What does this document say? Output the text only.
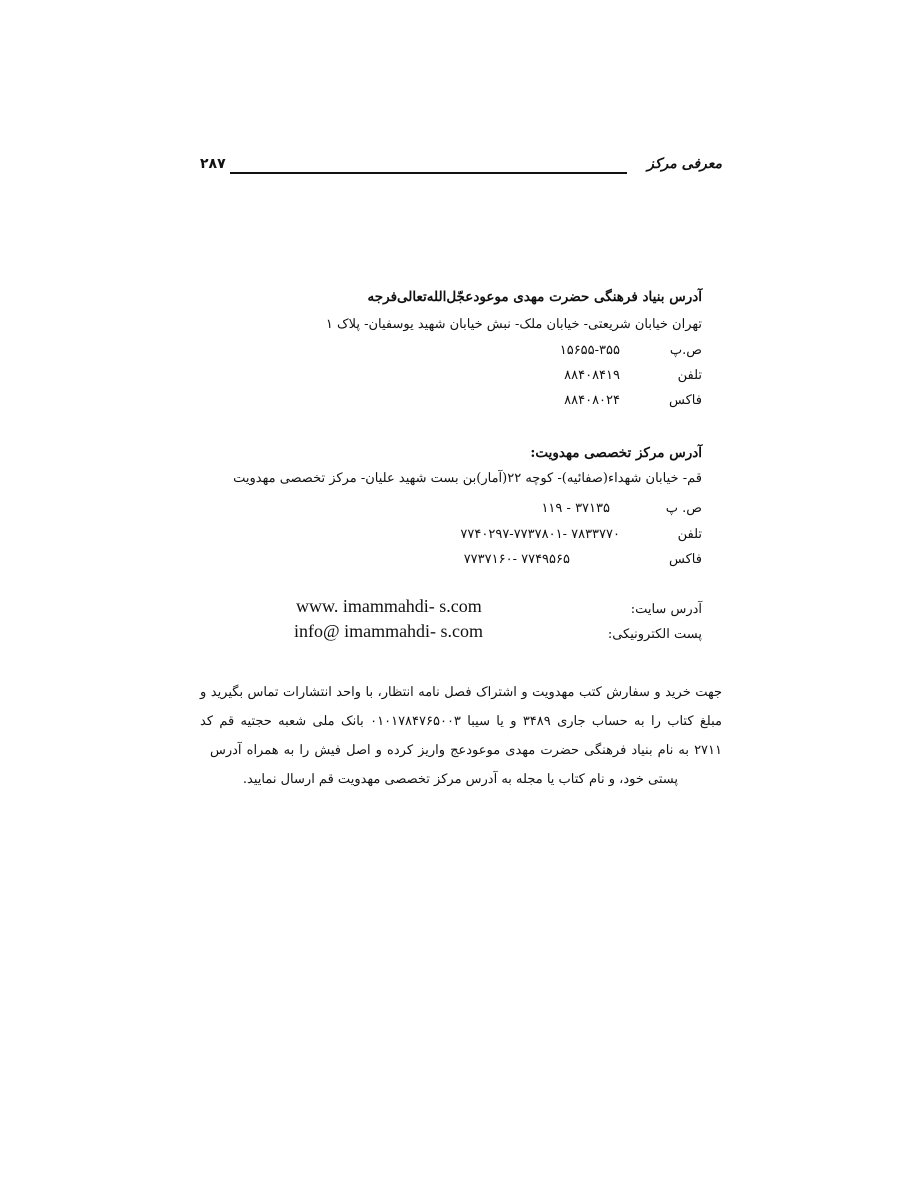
۲۸۷	معرفی مرکز
آدرس بنیاد فرهنگی حضرت مهدی موعودعجّل‌الله‌تعالی‌فرجه
تهران خیابان شریعتی- خیابان ملک- نبش خیابان شهید یوسفیان- پلاک ۱
ص.پ
۱۵۶۵۵-۳۵۵
تلفن
۸۸۴۰۸۴۱۹
فاکس
۸۸۴۰۸۰۲۴
آدرس مرکز تخصصی مهدویت:
قم- خیابان شهداء(صفائیه)- کوچه ۲۲(آمار)بن بست شهید علیان- مرکز تخصصی مهدویت
ص. پ
۳۷۱۳۵ - ۱۱۹
تلفن
۷۸۳۳۷۷۰ -۷۷۴۰۲۹۷-۷۷۳۷۸۰۱
فاکس
۷۷۴۹۵۶۵ -۷۷۳۷۱۶۰
آدرس سایت:
www. imammahdi- s.com
پست الکترونیکی:
info@ imammahdi- s.com
جهت خرید و سفارش کتب مهدویت و اشتراک فصل نامه انتظار، با واحد انتشارات تماس بگیرید و
مبلغ کتاب را به حساب جاری ۳۴۸۹ و یا سیبا ۰۱۰۱۷۸۴۷۶۵۰۰۳ بانک ملی شعبه حجتیه قم کد
۲۷۱۱ به نام بنیاد فرهنگی حضرت مهدی موعودعج واریز کرده و اصل فیش را به همراه آدرس
پستی خود، و نام کتاب یا مجله به آدرس مرکز تخصصی مهدویت قم ارسال نمایید.
